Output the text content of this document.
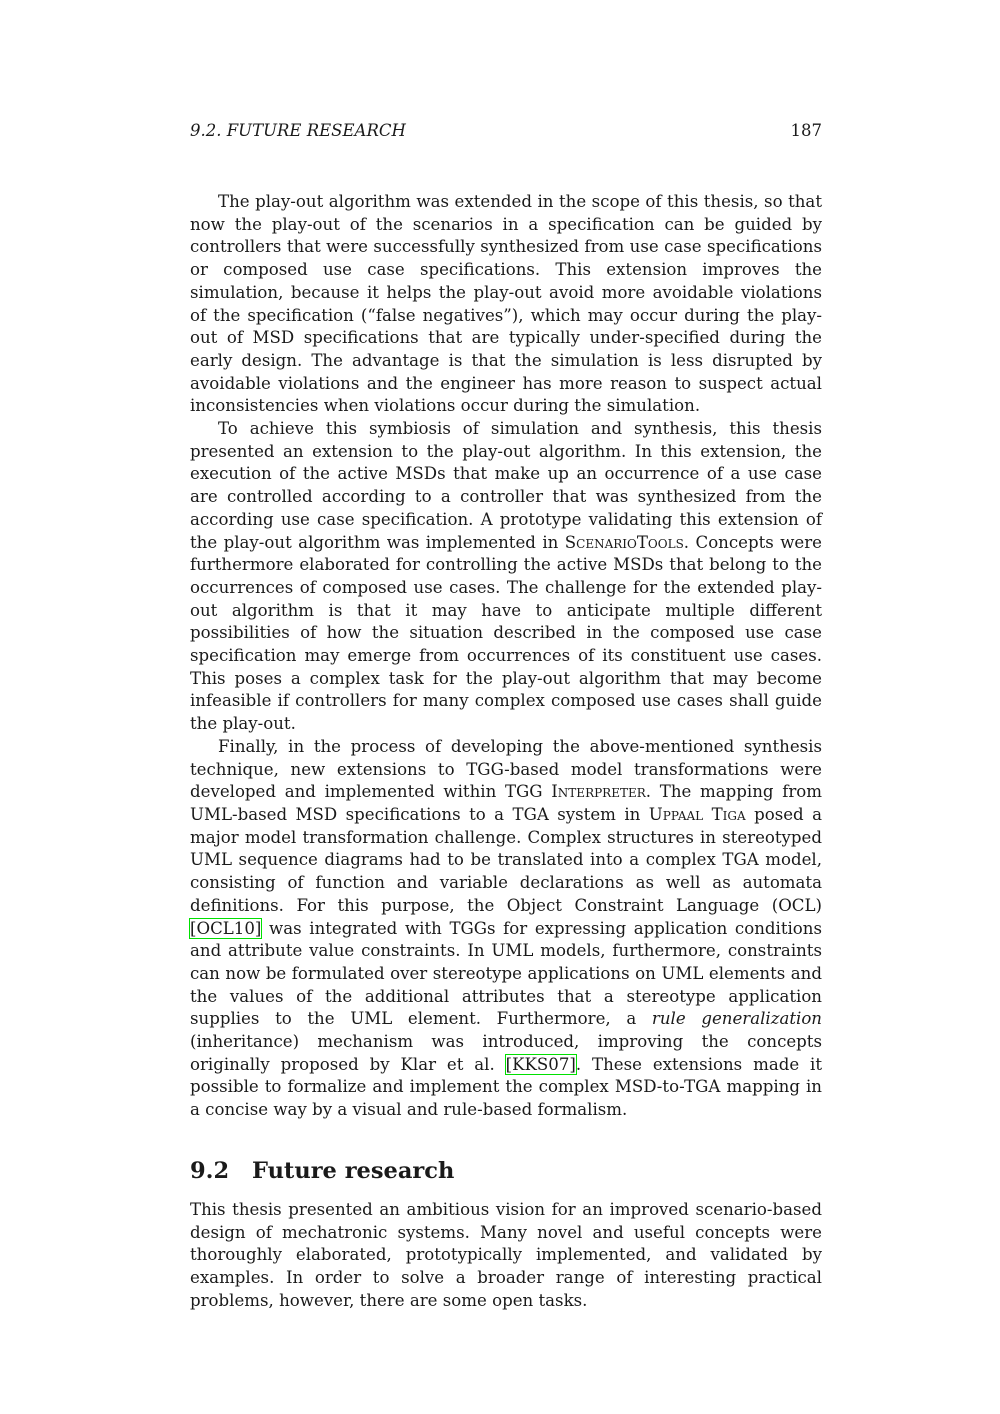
9.2. FUTURE RESEARCH	187

The play-out algorithm was extended in the scope of this thesis, so that now the play-out of the scenarios in a specification can be guided by controllers that were successfully synthesized from use case specifications or composed use case specifications. This extension improves the simulation, because it helps the play-out avoid more avoidable violations of the specification (“false negatives”), which may occur during the play-out of MSD specifications that are typically under-specified during the early design. The advantage is that the simulation is less disrupted by avoidable violations and the engineer has more reason to suspect actual inconsistencies when violations occur during the simulation.

To achieve this symbiosis of simulation and synthesis, this thesis presented an extension to the play-out algorithm. In this extension, the execution of the active MSDs that make up an occurrence of a use case are controlled according to a controller that was synthesized from the according use case specification. A prototype validating this extension of the play-out algorithm was implemented in ScenarioTools. Concepts were furthermore elaborated for controlling the active MSDs that belong to the occurrences of composed use cases. The challenge for the extended play-out algorithm is that it may have to anticipate multiple different possibilities of how the situation described in the composed use case specification may emerge from occurrences of its constituent use cases. This poses a complex task for the play-out algorithm that may become infeasible if controllers for many complex composed use cases shall guide the play-out.

Finally, in the process of developing the above-mentioned synthesis technique, new extensions to TGG-based model transformations were developed and implemented within TGG Interpreter. The mapping from UML-based MSD specifications to a TGA system in Uppaal Tiga posed a major model transformation challenge. Complex structures in stereotyped UML sequence diagrams had to be translated into a complex TGA model, consisting of function and variable declarations as well as automata definitions. For this purpose, the Object Constraint Language (OCL) [OCL10] was integrated with TGGs for expressing application conditions and attribute value constraints. In UML models, furthermore, constraints can now be formulated over stereotype applications on UML elements and the values of the additional attributes that a stereotype application supplies to the UML element. Furthermore, a rule generalization (inheritance) mechanism was introduced, improving the concepts originally proposed by Klar et al. [KKS07]. These extensions made it possible to formalize and implement the complex MSD-to-TGA mapping in a concise way by a visual and rule-based formalism.

9.2 Future research

This thesis presented an ambitious vision for an improved scenario-based design of mechatronic systems. Many novel and useful concepts were thoroughly elaborated, prototypically implemented, and validated by examples. In order to solve a broader range of interesting practical problems, however, there are some open tasks.
